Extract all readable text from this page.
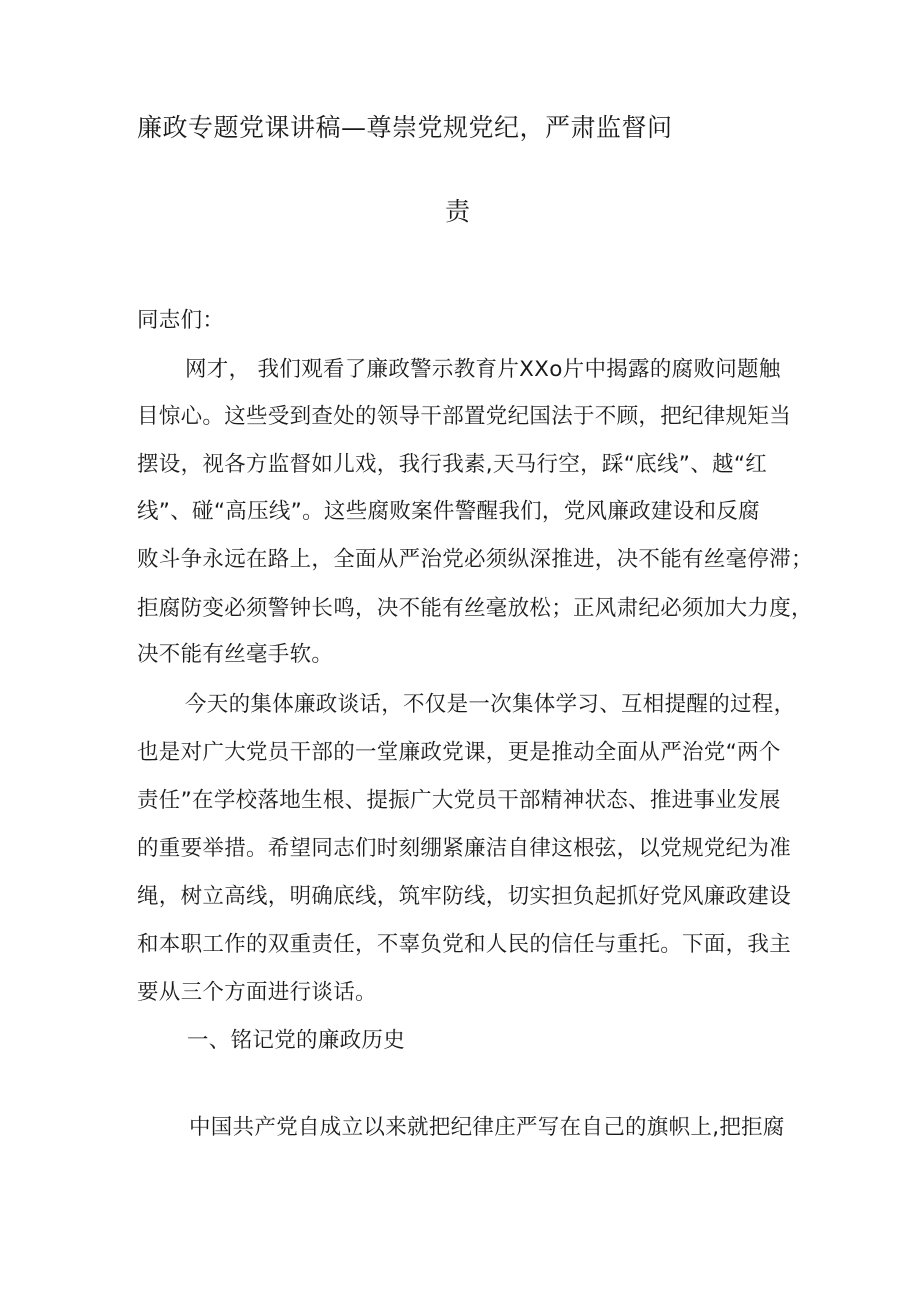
廉政专题党课讲稿—尊崇党规党纪，严肃监督问
责
同志们：
网才， 我们观看了廉政警示教育片XXo片中揭露的腐败问题触
目惊心。这些受到查处的领导干部置党纪国法于不顾，把纪律规矩当
摆设，视各方监督如儿戏，我行我素,天马行空，踩“底线”、越“红
线”、碰“高压线”。这些腐败案件警醒我们，党风廉政建设和反腐
败斗争永远在路上，全面从严治党必须纵深推进，决不能有丝毫停滞；
拒腐防变必须警钟长鸣，决不能有丝毫放松；正风肃纪必须加大力度，
决不能有丝毫手软。
今天的集体廉政谈话，不仅是一次集体学习、互相提醒的过程，
也是对广大党员干部的一堂廉政党课，更是推动全面从严治党“两个
责任”在学校落地生根、提振广大党员干部精神状态、推进事业发展
的重要举措。希望同志们时刻绷紧廉洁自律这根弦，以党规党纪为准
绳，树立高线，明确底线，筑牢防线，切实担负起抓好党风廉政建设
和本职工作的双重责任，不辜负党和人民的信任与重托。下面，我主
要从三个方面进行谈话。
一、铭记党的廉政历史
中国共产党自成立以来就把纪律庄严写在自己的旗帜上,把拒腐
